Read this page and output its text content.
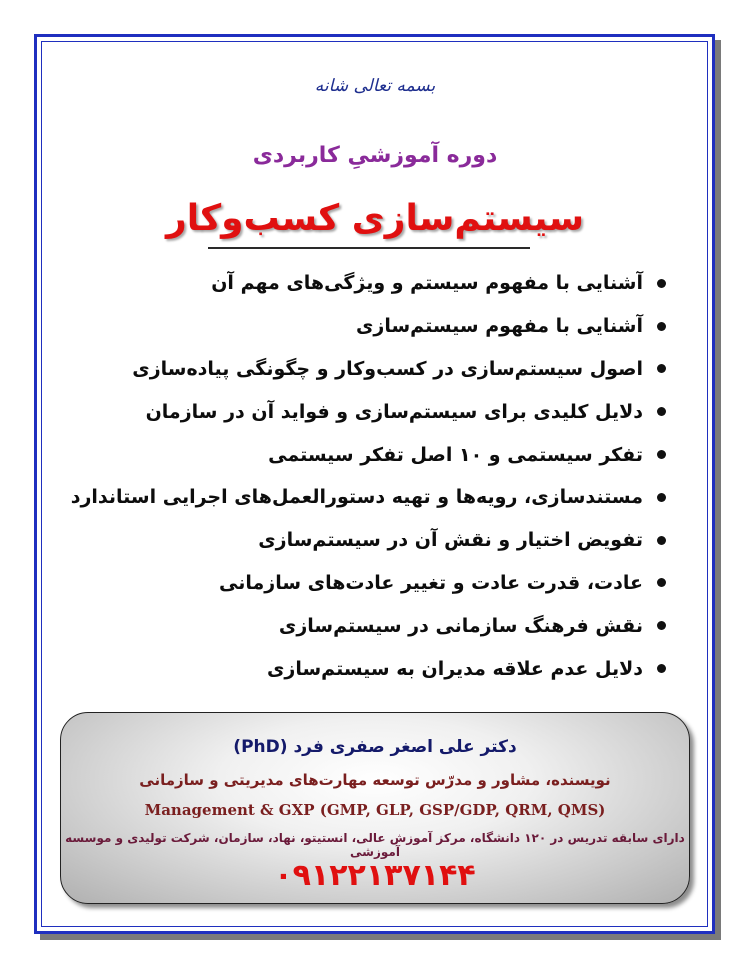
بسمه تعالی شانه
دوره آموزشیِ کاربردی
سیستم‌سازی کسب‌وکار
آشنایی با مفهوم سیستم و ویژگی‌های مهم آن
آشنایی با مفهوم سیستم‌سازی
اصول سیستم‌سازی در کسب‌وکار و چگونگی پیاده‌سازی
دلایل کلیدی برای سیستم‌سازی و فواید آن در سازمان
تفکر سیستمی و ۱۰ اصل تفکر سیستمی
مستندسازی، رویه‌ها و تهیه دستورالعمل‌های اجرایی استاندارد
تفویض اختیار و نقش آن در سیستم‌سازی
عادت، قدرت عادت و تغییر عادت‌های سازمانی
نقش فرهنگ سازمانی در سیستم‌سازی
دلایل عدم علاقه مدیران به سیستم‌سازی
دکتر علی اصغر صفری فرد (PhD)
نویسنده، مشاور و مدرّس توسعه مهارت‌های مدیریتی و سازمانی
Management & GXP (GMP, GLP, GSP/GDP, QRM, QMS)
دارای سابقه تدریس در ۱۲۰ دانشگاه، مرکز آموزش عالی، انستیتو، نهاد، سازمان، شرکت تولیدی و موسسه آموزشی
۰۹۱۲۲۱۳۷۱۴۴
